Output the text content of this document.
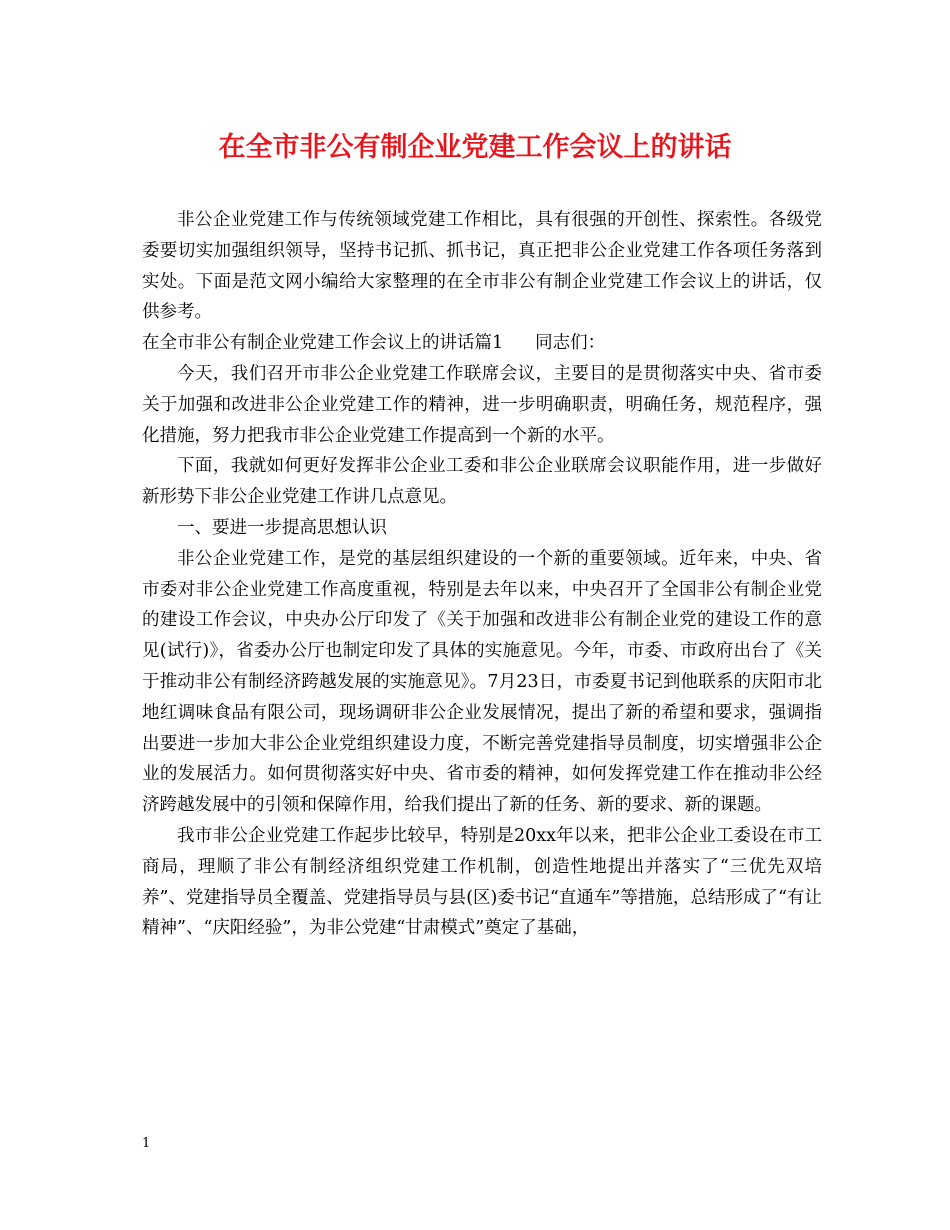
在全市非公有制企业党建工作会议上的讲话

非公企业党建工作与传统领域党建工作相比，具有很强的开创性、探索性。各级党委要切实加强组织领导，坚持书记抓、抓书记，真正把非公企业党建工作各项任务落到实处。下面是范文网小编给大家整理的在全市非公有制企业党建工作会议上的讲话，仅供参考。

在全市非公有制企业党建工作会议上的讲话篇1 同志们：

今天，我们召开市非公企业党建工作联席会议，主要目的是贯彻落实中央、省市委关于加强和改进非公企业党建工作的精神，进一步明确职责，明确任务，规范程序，强化措施，努力把我市非公企业党建工作提高到一个新的水平。

下面，我就如何更好发挥非公企业工委和非公企业联席会议职能作用，进一步做好新形势下非公企业党建工作讲几点意见。

一、要进一步提高思想认识

非公企业党建工作，是党的基层组织建设的一个新的重要领域。近年来，中央、省市委对非公企业党建工作高度重视，特别是去年以来，中央召开了全国非公有制企业党的建设工作会议，中央办公厅印发了《关于加强和改进非公有制企业党的建设工作的意见(试行)》，省委办公厅也制定印发了具体的实施意见。今年，市委、市政府出台了《关于推动非公有制经济跨越发展的实施意见》。7月23日，市委夏书记到他联系的庆阳市北地红调味食品有限公司，现场调研非公企业发展情况，提出了新的希望和要求，强调指出要进一步加大非公企业党组织建设力度，不断完善党建指导员制度，切实增强非公企业的发展活力。如何贯彻落实好中央、省市委的精神，如何发挥党建工作在推动非公经济跨越发展中的引领和保障作用，给我们提出了新的任务、新的要求、新的课题。

我市非公企业党建工作起步比较早，特别是20xx年以来，把非公企业工委设在市工商局，理顺了非公有制经济组织党建工作机制，创造性地提出并落实了“三优先双培养”、党建指导员全覆盖、党建指导员与县(区)委书记“直通车”等措施，总结形成了“有让精神”、“庆阳经验”，为非公党建“甘肃模式”奠定了基础，

1
